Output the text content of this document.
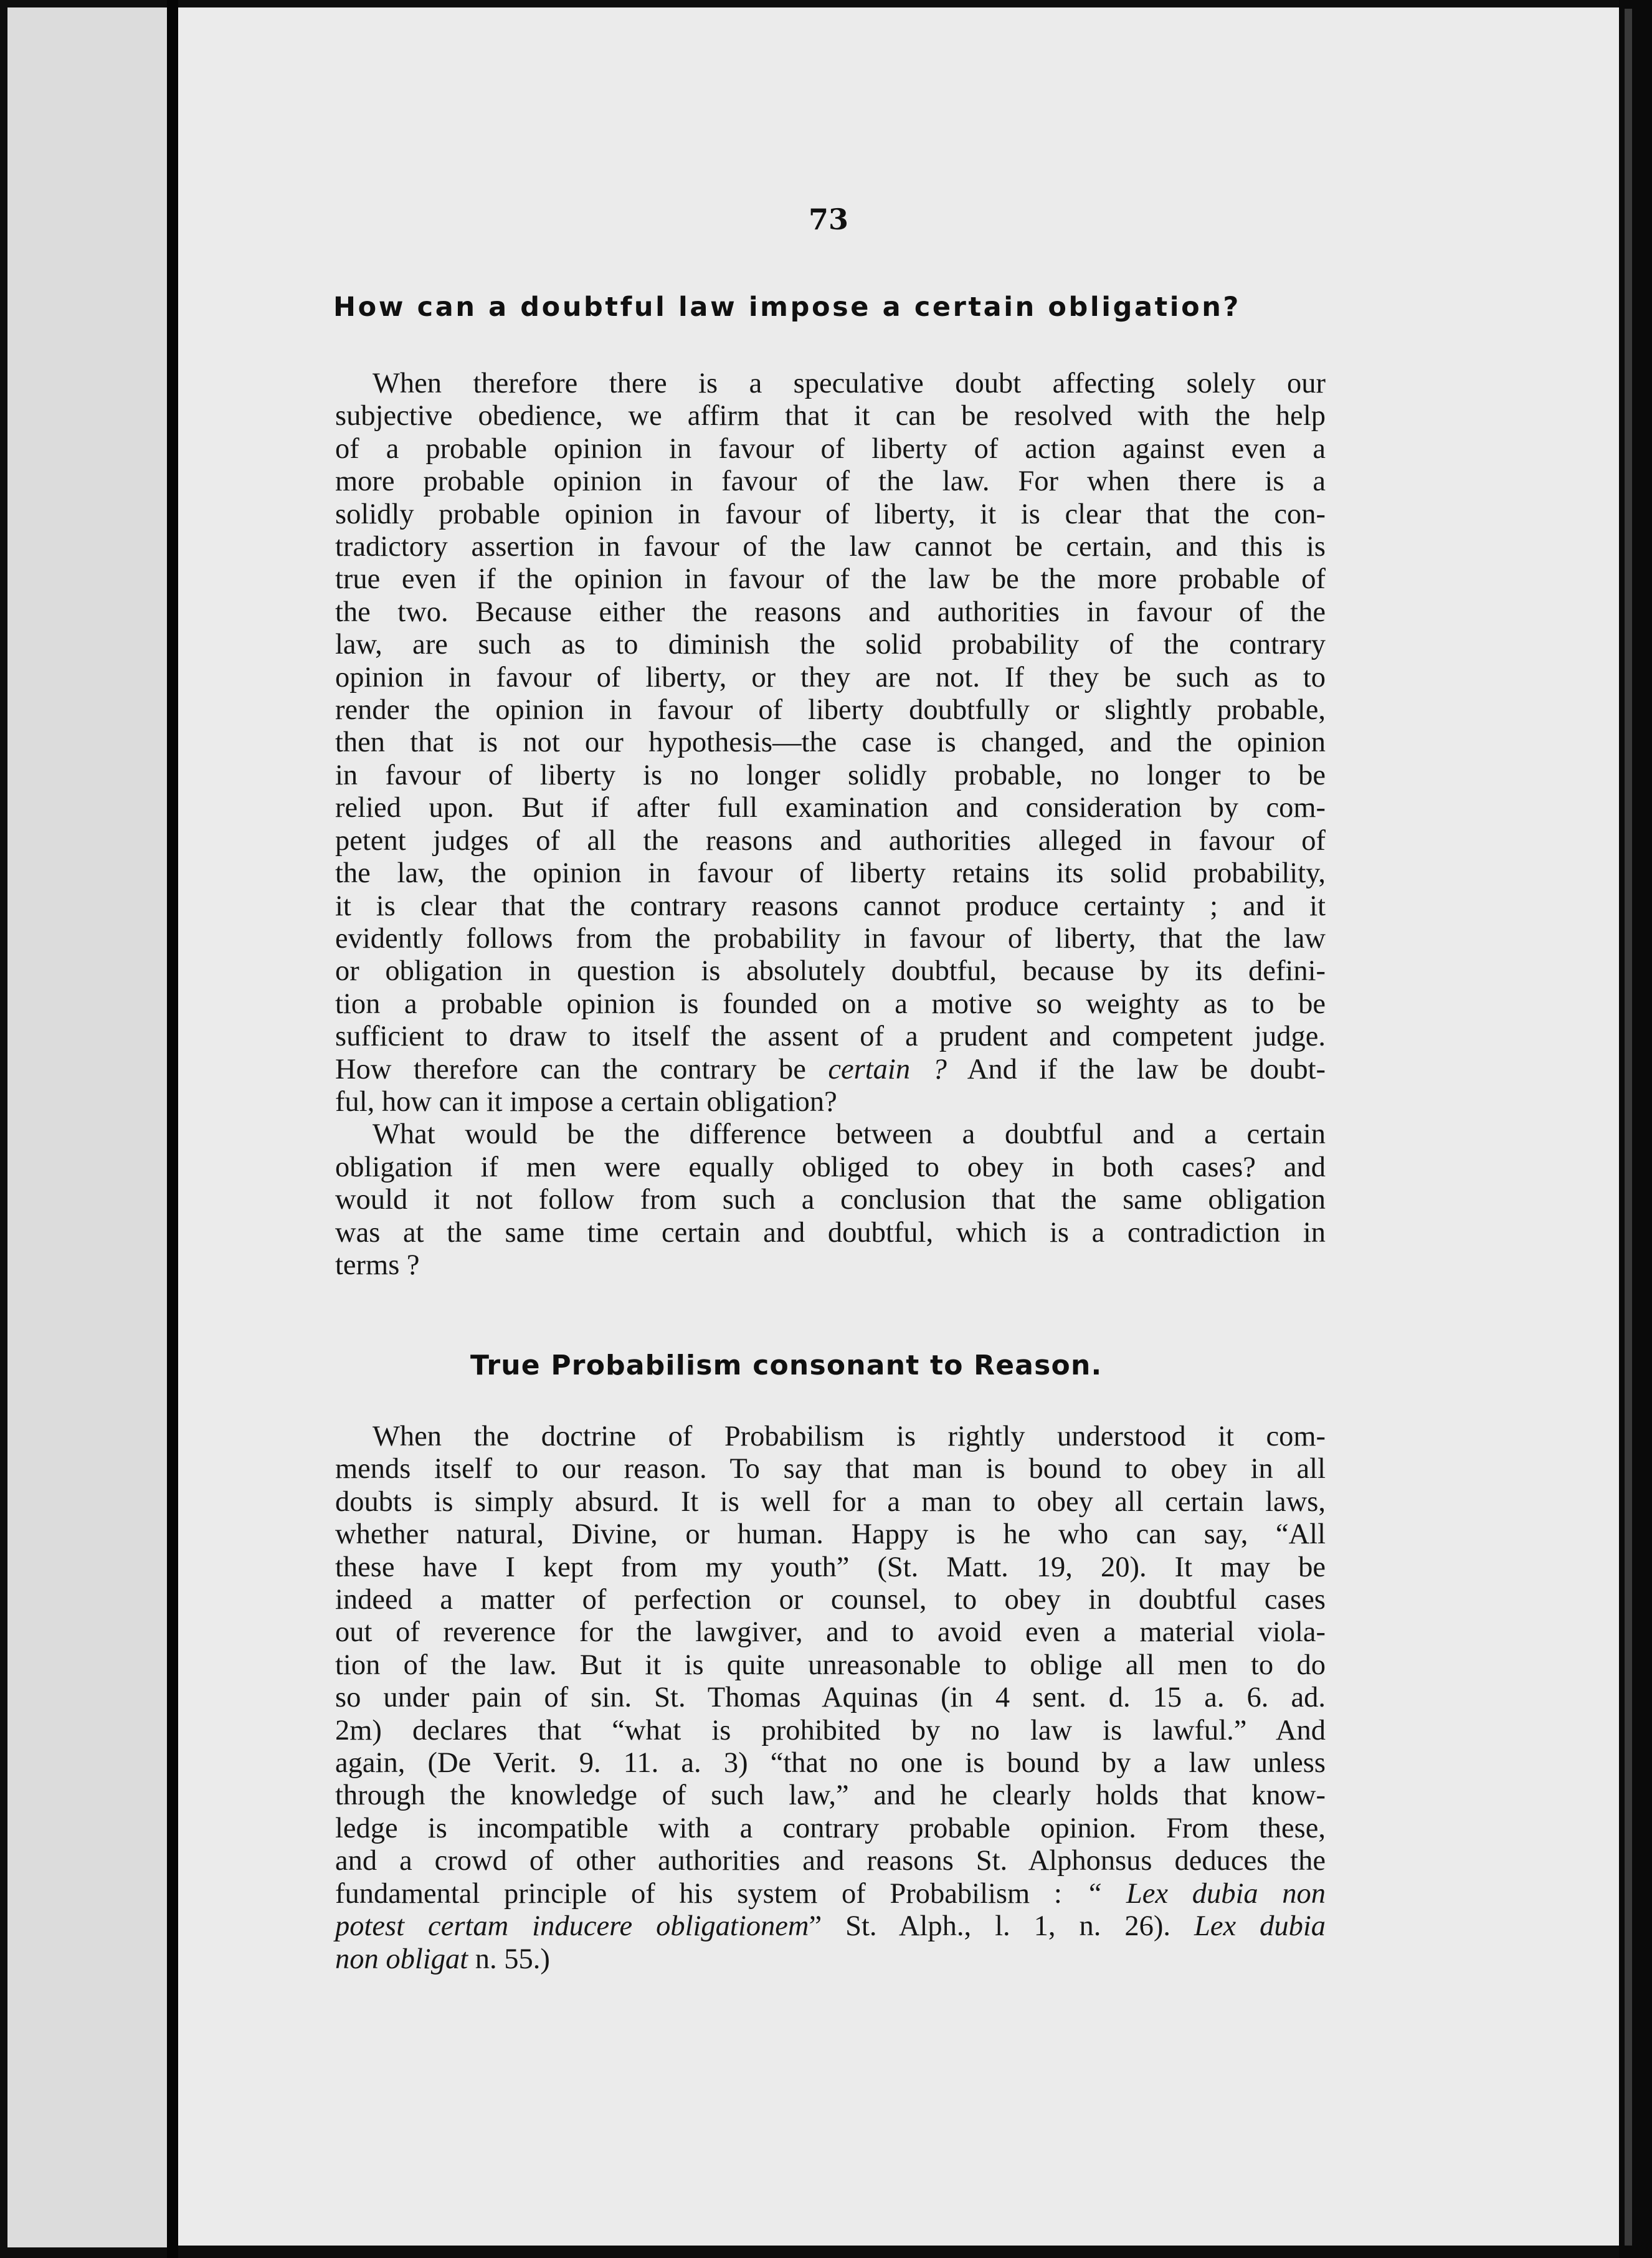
73
How can a doubtful law impose a certain obligation?

When therefore there is a speculative doubt affecting solely our
subjective obedience, we affirm that it can be resolved with the help
of a probable opinion in favour of liberty of action against even a
more probable opinion in favour of the law. For when there is a
solidly probable opinion in favour of liberty, it is clear that the con-
tradictory assertion in favour of the law cannot be certain, and this is
true even if the opinion in favour of the law be the more probable of
the two. Because either the reasons and authorities in favour of the
law, are such as to diminish the solid probability of the contrary
opinion in favour of liberty, or they are not. If they be such as to
render the opinion in favour of liberty doubtfully or slightly probable,
then that is not our hypothesis—the case is changed, and the opinion
in favour of liberty is no longer solidly probable, no longer to be
relied upon. But if after full examination and consideration by com-
petent judges of all the reasons and authorities alleged in favour of
the law, the opinion in favour of liberty retains its solid probability,
it is clear that the contrary reasons cannot produce certainty ; and it
evidently follows from the probability in favour of liberty, that the law
or obligation in question is absolutely doubtful, because by its defini-
tion a probable opinion is founded on a motive so weighty as to be
sufficient to draw to itself the assent of a prudent and competent judge.
How therefore can the contrary be certain ? And if the law be doubt-
ful, how can it impose a certain obligation?

What would be the difference between a doubtful and a certain
obligation if men were equally obliged to obey in both cases? and
would it not follow from such a conclusion that the same obligation
was at the same time certain and doubtful, which is a contradiction in
terms ?

True Probabilism consonant to Reason.

When the doctrine of Probabilism is rightly understood it com-
mends itself to our reason. To say that man is bound to obey in all
doubts is simply absurd. It is well for a man to obey all certain laws,
whether natural, Divine, or human. Happy is he who can say, “All
these have I kept from my youth” (St. Matt. 19, 20). It may be
indeed a matter of perfection or counsel, to obey in doubtful cases
out of reverence for the lawgiver, and to avoid even a material viola-
tion of the law. But it is quite unreasonable to oblige all men to do
so under pain of sin. St. Thomas Aquinas (in 4 sent. d. 15 a. 6. ad.
2m) declares that “what is prohibited by no law is lawful.” And
again, (De Verit. 9. 11. a. 3) “that no one is bound by a law unless
through the knowledge of such law,” and he clearly holds that know-
ledge is incompatible with a contrary probable opinion. From these,
and a crowd of other authorities and reasons St. Alphonsus deduces the
fundamental principle of his system of Probabilism : “ Lex dubia non
potest certam inducere obligationem” St. Alph., l. 1, n. 26). Lex dubia
non obligat n. 55.)
